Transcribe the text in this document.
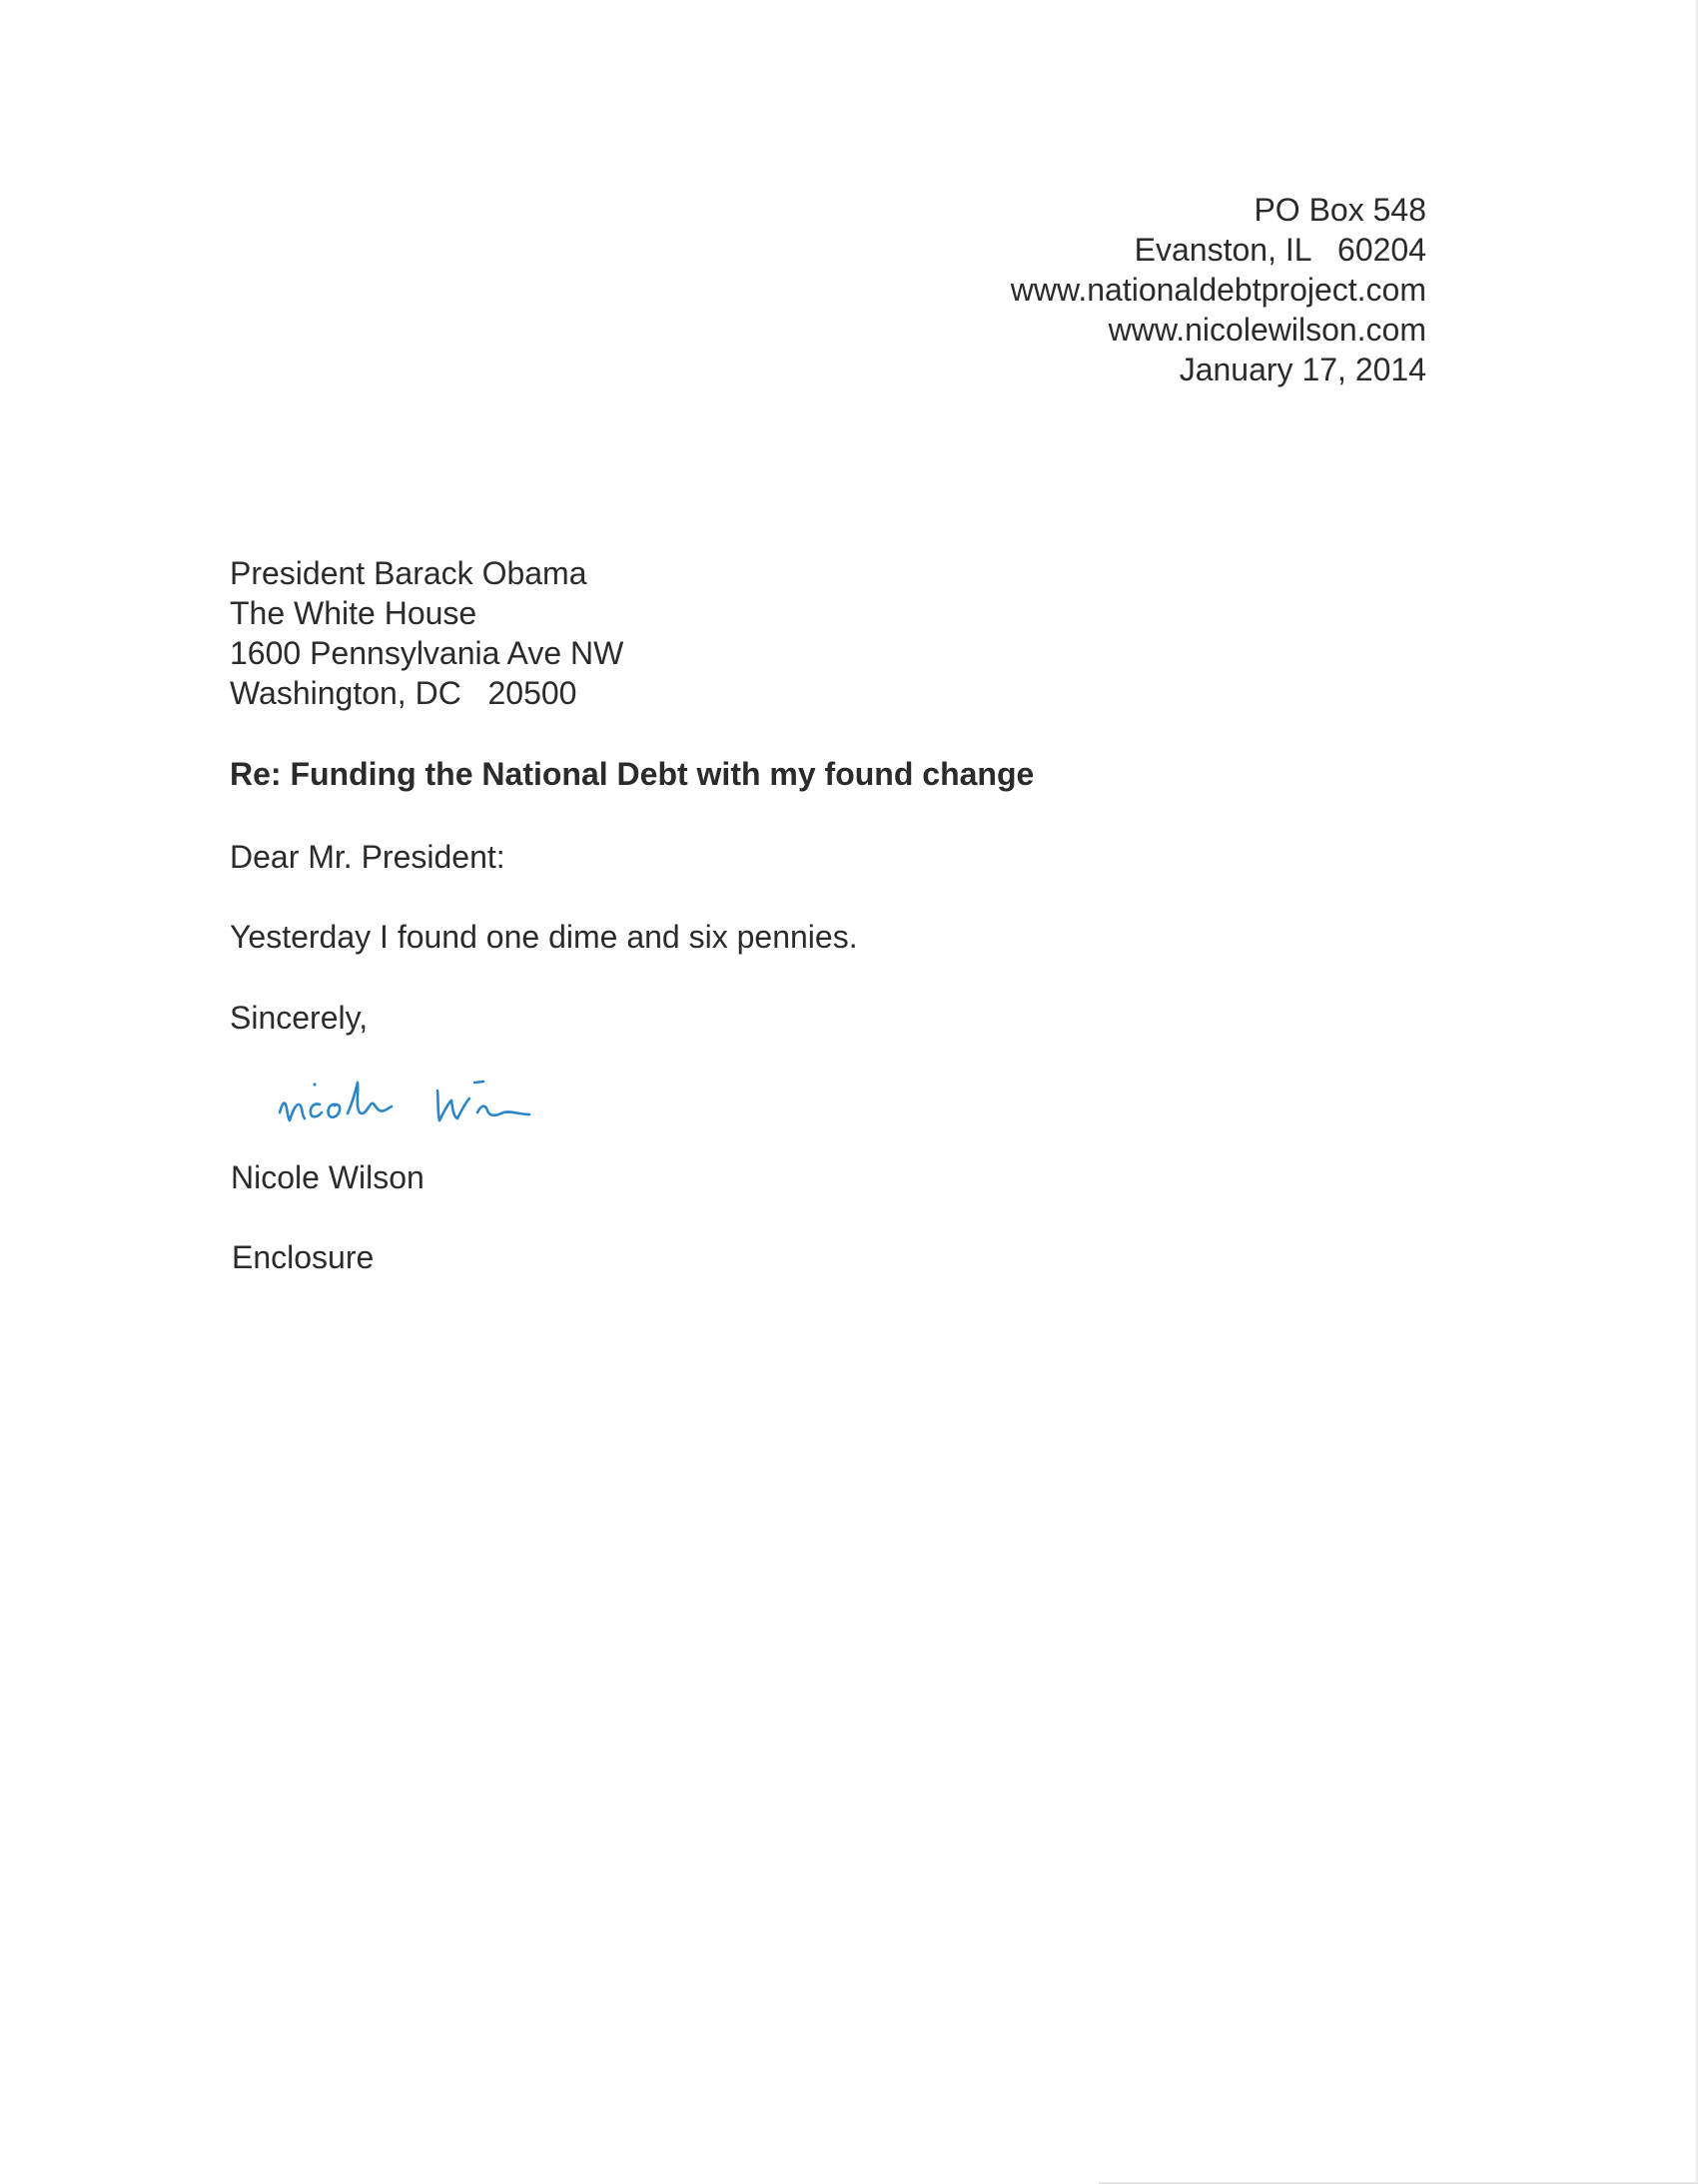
PO Box 548
Evanston, IL   60204
www.nationaldebtproject.com
www.nicolewilson.com
January 17, 2014
President Barack Obama
The White House
1600 Pennsylvania Ave NW
Washington, DC   20500
Re: Funding the National Debt with my found change
Dear Mr. President:
Yesterday I found one dime and six pennies.
Sincerely,
Nicole Wilson
Enclosure
